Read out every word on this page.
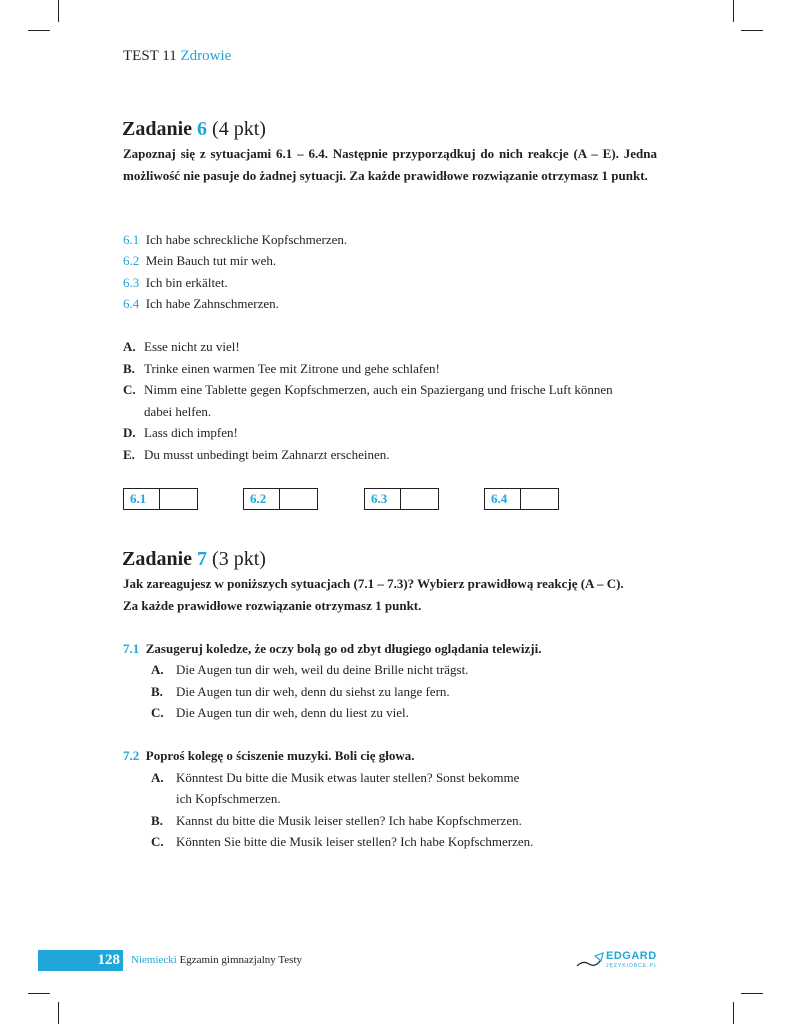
TEST 11 Zdrowie
Zadanie 6 (4 pkt)
Zapoznaj się z sytuacjami 6.1 – 6.4. Następnie przyporządkuj do nich reakcje (A – E). Jedna możliwość nie pasuje do żadnej sytuacji. Za każde prawidłowe rozwiązanie otrzymasz 1 punkt.
6.1 Ich habe schreckliche Kopfschmerzen.
6.2 Mein Bauch tut mir weh.
6.3 Ich bin erkältet.
6.4 Ich habe Zahnschmerzen.
A. Esse nicht zu viel!
B. Trinke einen warmen Tee mit Zitrone und gehe schlafen!
C. Nimm eine Tablette gegen Kopfschmerzen, auch ein Spaziergang und frische Luft können
dabei helfen.
D. Lass dich impfen!
E. Du musst unbedingt beim Zahnarzt erscheinen.
6.1	6.2	6.3	6.4
Zadanie 7 (3 pkt)
Jak zareagujesz w poniższych sytuacjach (7.1 – 7.3)? Wybierz prawidłową reakcję (A – C).
Za każde prawidłowe rozwiązanie otrzymasz 1 punkt.
7.1 Zasugeruj koledze, że oczy bolą go od zbyt długiego oglądania telewizji.
A. Die Augen tun dir weh, weil du deine Brille nicht trägst.
B. Die Augen tun dir weh, denn du siehst zu lange fern.
C. Die Augen tun dir weh, denn du liest zu viel.
7.2 Poproś kolegę o ściszenie muzyki. Boli cię głowa.
A. Könntest Du bitte die Musik etwas lauter stellen? Sonst bekomme
ich Kopfschmerzen.
B. Kannst du bitte die Musik leiser stellen? Ich habe Kopfschmerzen.
C. Könnten Sie bitte die Musik leiser stellen? Ich habe Kopfschmerzen.
128 Niemiecki Egzamin gimnazjalny Testy	EDGARD
JĘZYKIOBCE.PL
